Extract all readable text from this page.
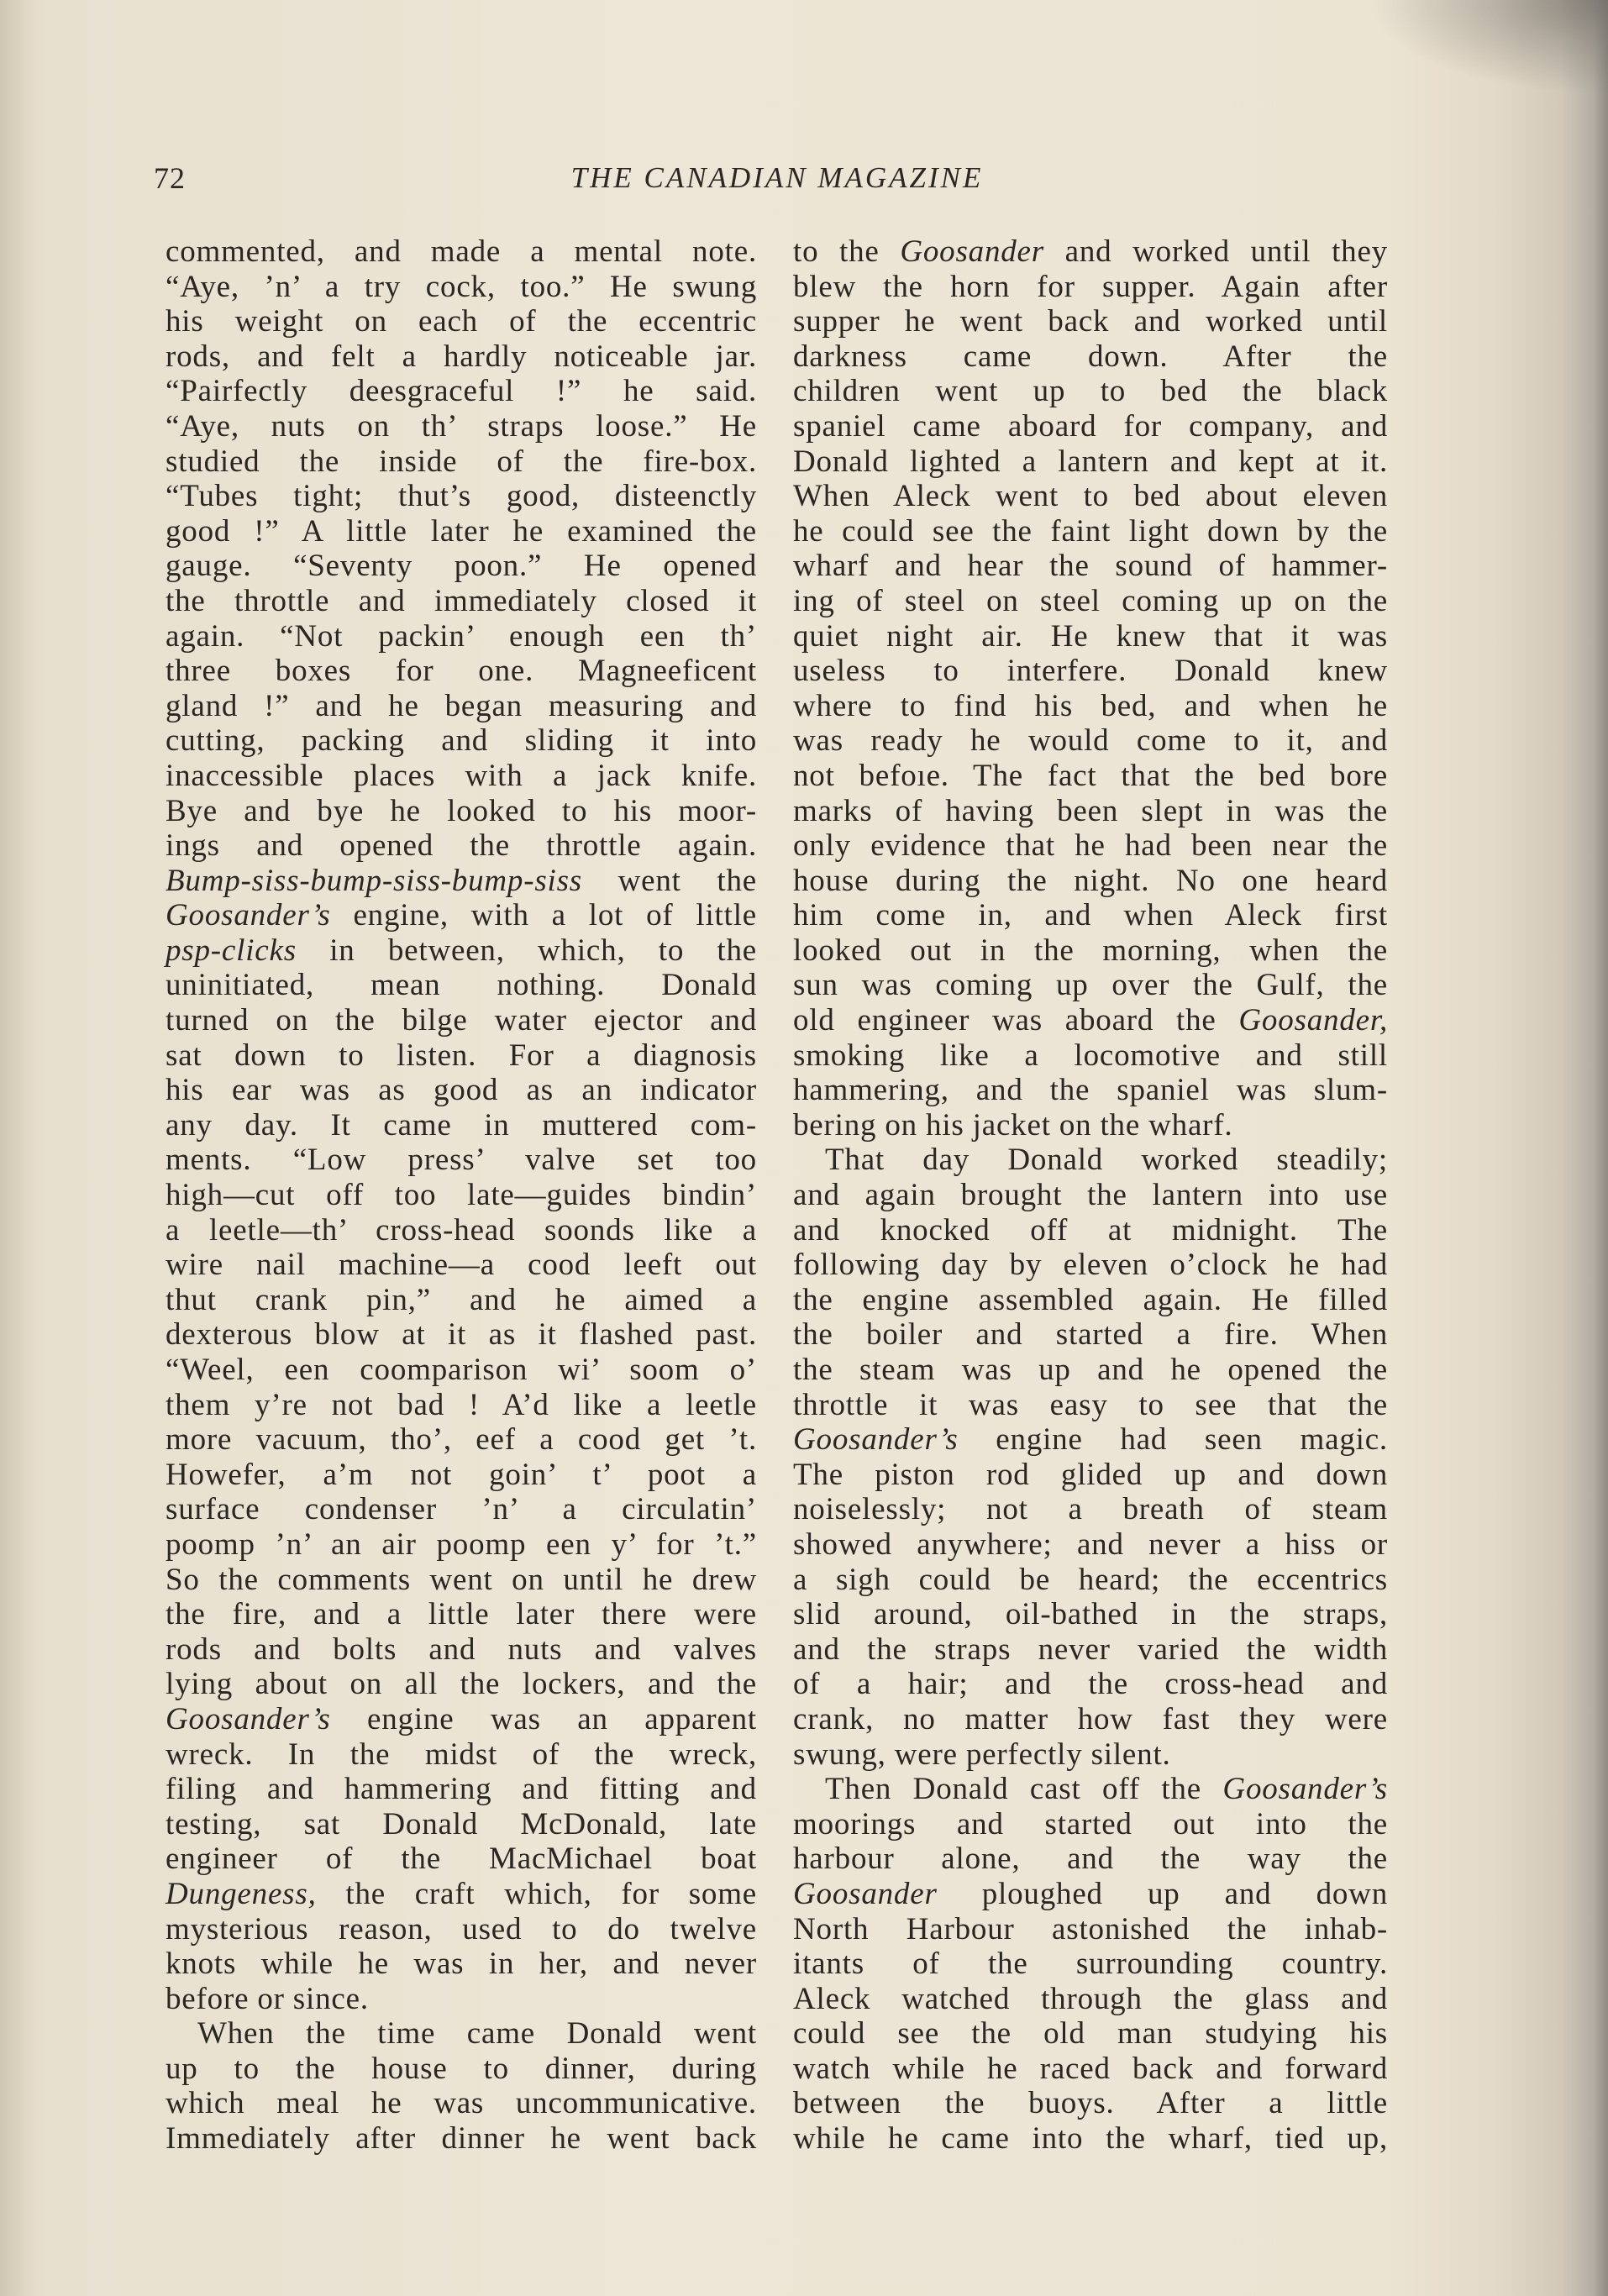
72	THE CANADIAN MAGAZINE
commented, and made a mental note.
“Aye, ’n’ a try cock, too.” He swung
his weight on each of the eccentric
rods, and felt a hardly noticeable jar.
“Pairfectly deesgraceful !” he said.
“Aye, nuts on th’ straps loose.” He
studied the inside of the fire-box.
“Tubes tight; thut’s good, disteenctly
good !” A little later he examined the
gauge. “Seventy poon.” He opened
the throttle and immediately closed it
again. “Not packin’ enough een th’
three boxes for one. Magneeficent
gland !” and he began measuring and
cutting, packing and sliding it into
inaccessible places with a jack knife.
Bye and bye he looked to his moor-
ings and opened the throttle again.
Bump-siss-bump-siss-bump-siss went the
Goosander’s engine, with a lot of little
psp-clicks in between, which, to the
uninitiated, mean nothing. Donald
turned on the bilge water ejector and
sat down to listen. For a diagnosis
his ear was as good as an indicator
any day. It came in muttered com-
ments. “Low press’ valve set too
high—cut off too late—guides bindin’
a leetle—th’ cross-head soonds like a
wire nail machine—a cood leeft out
thut crank pin,” and he aimed a
dexterous blow at it as it flashed past.
“Weel, een coomparison wi’ soom o’
them y’re not bad ! A’d like a leetle
more vacuum, tho’, eef a cood get ’t.
Howefer, a’m not goin’ t’ poot a
surface condenser ’n’ a circulatin’
poomp ’n’ an air poomp een y’ for ’t.”
So the comments went on until he drew
the fire, and a little later there were
rods and bolts and nuts and valves
lying about on all the lockers, and the
Goosander’s engine was an apparent
wreck. In the midst of the wreck,
filing and hammering and fitting and
testing, sat Donald McDonald, late
engineer of the MacMichael boat
Dungeness, the craft which, for some
mysterious reason, used to do twelve
knots while he was in her, and never
before or since.
When the time came Donald went
up to the house to dinner, during
which meal he was uncommunicative.
Immediately after dinner he went back
to the Goosander and worked until they
blew the horn for supper. Again after
supper he went back and worked until
darkness came down. After the
children went up to bed the black
spaniel came aboard for company, and
Donald lighted a lantern and kept at it.
When Aleck went to bed about eleven
he could see the faint light down by the
wharf and hear the sound of hammer-
ing of steel on steel coming up on the
quiet night air. He knew that it was
useless to interfere. Donald knew
where to find his bed, and when he
was ready he would come to it, and
not befoıe. The fact that the bed bore
marks of having been slept in was the
only evidence that he had been near the
house during the night. No one heard
him come in, and when Aleck first
looked out in the morning, when the
sun was coming up over the Gulf, the
old engineer was aboard the Goosander,
smoking like a locomotive and still
hammering, and the spaniel was slum-
bering on his jacket on the wharf.
That day Donald worked steadily;
and again brought the lantern into use
and knocked off at midnight. The
following day by eleven o’clock he had
the engine assembled again. He filled
the boiler and started a fire. When
the steam was up and he opened the
throttle it was easy to see that the
Goosander’s engine had seen magic.
The piston rod glided up and down
noiselessly; not a breath of steam
showed anywhere; and never a hiss or
a sigh could be heard; the eccentrics
slid around, oil-bathed in the straps,
and the straps never varied the width
of a hair; and the cross-head and
crank, no matter how fast they were
swung, were perfectly silent.
Then Donald cast off the Goosander’s
moorings and started out into the
harbour alone, and the way the
Goosander ploughed up and down
North Harbour astonished the inhab-
itants of the surrounding country.
Aleck watched through the glass and
could see the old man studying his
watch while he raced back and forward
between the buoys. After a little
while he came into the wharf, tied up,
